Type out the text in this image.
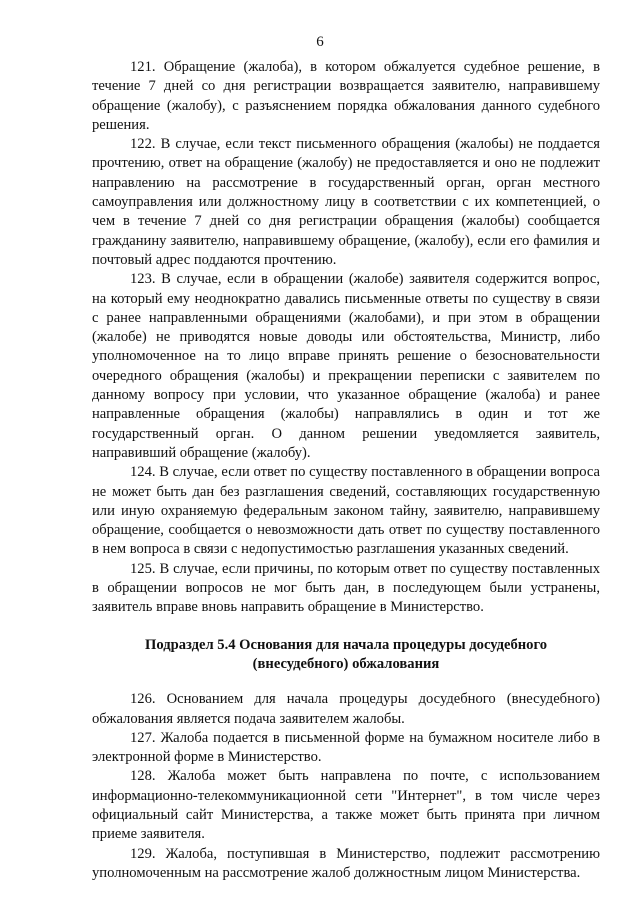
6

121. Обращение (жалоба), в котором обжалуется судебное решение, в течение 7 дней со дня регистрации возвращается заявителю, направившему обращение (жалобу), с разъяснением порядка обжалования данного судебного решения.

122. В случае, если текст письменного обращения (жалобы) не поддается прочтению, ответ на обращение (жалобу) не предоставляется и оно не подлежит направлению на рассмотрение в государственный орган, орган местного самоуправления или должностному лицу в соответствии с их компетенцией, о чем в течение 7 дней со дня регистрации обращения (жалобы) сообщается гражданину заявителю, направившему обращение, (жалобу), если его фамилия и почтовый адрес поддаются прочтению.

123. В случае, если в обращении (жалобе) заявителя содержится вопрос, на который ему неоднократно давались письменные ответы по существу в связи с ранее направленными обращениями (жалобами), и при этом в обращении (жалобе) не приводятся новые доводы или обстоятельства, Министр, либо уполномоченное на то лицо вправе принять решение о безосновательности очередного обращения (жалобы) и прекращении переписки с заявителем по данному вопросу при условии, что указанное обращение (жалоба) и ранее направленные обращения (жалобы) направлялись в один и тот же государственный орган. О данном решении уведомляется заявитель, направивший обращение (жалобу).

124. В случае, если ответ по существу поставленного в обращении вопроса не может быть дан без разглашения сведений, составляющих государственную или иную охраняемую федеральным законом тайну, заявителю, направившему обращение, сообщается о невозможности дать ответ по существу поставленного в нем вопроса в связи с недопустимостью разглашения указанных сведений.

125. В случае, если причины, по которым ответ по существу поставленных в обращении вопросов не мог быть дан, в последующем были устранены, заявитель вправе вновь направить обращение в Министерство.

Подраздел 5.4 Основания для начала процедуры досудебного
(внесудебного) обжалования

126. Основанием для начала процедуры досудебного (внесудебного) обжалования является подача заявителем жалобы.

127. Жалоба подается в письменной форме на бумажном носителе либо в электронной форме в Министерство.

128. Жалоба может быть направлена по почте, с использованием информационно-телекоммуникационной сети "Интернет", в том числе через официальный сайт Министерства, а также может быть принята при личном приеме заявителя.

129. Жалоба, поступившая в Министерство, подлежит рассмотрению уполномоченным на рассмотрение жалоб должностным лицом Министерства.
